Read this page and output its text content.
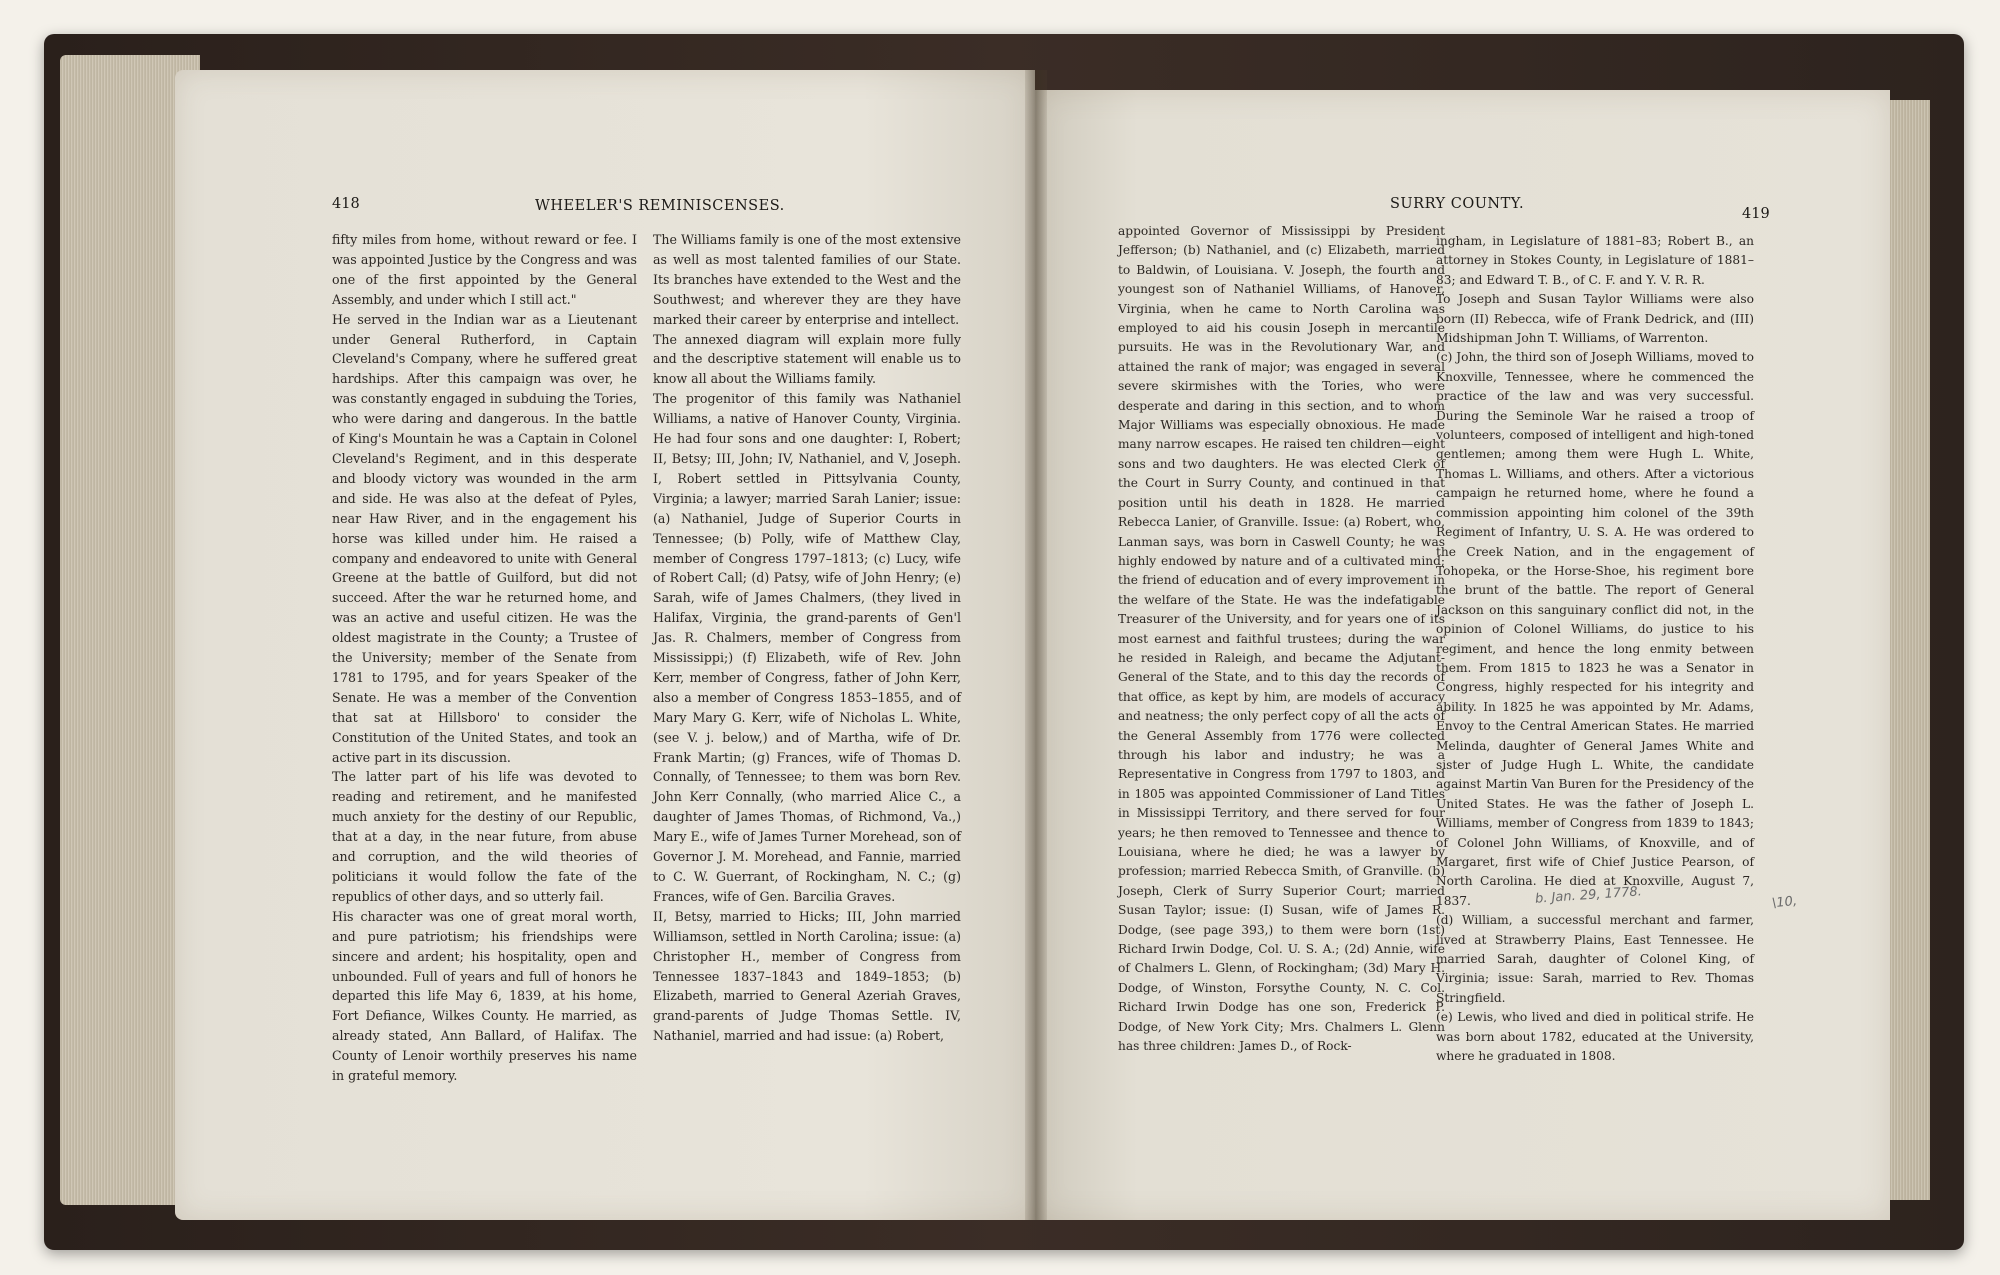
418	WHEELER'S REMINISCENSES.
fifty miles from home, without reward or fee. I was appointed Justice by the Congress and was one of the first appointed by the General Assembly, and under which I still act."
He served in the Indian war as a Lieutenant under General Rutherford, in Captain Cleveland's Company, where he suffered great hardships. After this campaign was over, he was constantly engaged in subduing the Tories, who were daring and dangerous. In the battle of King's Mountain he was a Captain in Colonel Cleveland's Regiment, and in this desperate and bloody victory was wounded in the arm and side. He was also at the defeat of Pyles, near Haw River, and in the engagement his horse was killed under him. He raised a company and endeavored to unite with General Greene at the battle of Guilford, but did not succeed. After the war he returned home, and was an active and useful citizen. He was the oldest magistrate in the County; a Trustee of the University; member of the Senate from 1781 to 1795, and for years Speaker of the Senate. He was a member of the Convention that sat at Hillsboro' to consider the Constitution of the United States, and took an active part in its discussion.
The latter part of his life was devoted to reading and retirement, and he manifested much anxiety for the destiny of our Republic, that at a day, in the near future, from abuse and corruption, and the wild theories of politicians it would follow the fate of the republics of other days, and so utterly fail.
His character was one of great moral worth, and pure patriotism; his friendships were sincere and ardent; his hospitality, open and unbounded. Full of years and full of honors he departed this life May 6, 1839, at his home, Fort Defiance, Wilkes County. He married, as already stated, Ann Ballard, of Halifax. The County of Lenoir worthily preserves his name in grateful memory.
The Williams family is one of the most extensive as well as most talented families of our State. Its branches have extended to the West and the Southwest; and wherever they are they have marked their career by enterprise and intellect.
The annexed diagram will explain more fully and the descriptive statement will enable us to know all about the Williams family.
The progenitor of this family was Nathaniel Williams, a native of Hanover County, Virginia. He had four sons and one daughter: I, Robert; II, Betsy; III, John; IV, Nathaniel, and V, Joseph. I, Robert settled in Pittsylvania County, Virginia; a lawyer; married Sarah Lanier; issue: (a) Nathaniel, Judge of Superior Courts in Tennessee; (b) Polly, wife of Matthew Clay, member of Congress 1797–1813; (c) Lucy, wife of Robert Call; (d) Patsy, wife of John Henry; (e) Sarah, wife of James Chalmers, (they lived in Halifax, Virginia, the grand-parents of Gen'l Jas. R. Chalmers, member of Congress from Mississippi;) (f) Elizabeth, wife of Rev. John Kerr, member of Congress, father of John Kerr, also a member of Congress 1853–1855, and of Mary Mary G. Kerr, wife of Nicholas L. White, (see V. j. below,) and of Martha, wife of Dr. Frank Martin; (g) Frances, wife of Thomas D. Connally, of Tennessee; to them was born Rev. John Kerr Connally, (who married Alice C., a daughter of James Thomas, of Richmond, Va.,) Mary E., wife of James Turner Morehead, son of Governor J. M. Morehead, and Fannie, married to C. W. Guerrant, of Rockingham, N. C.; (g) Frances, wife of Gen. Barcilia Graves.
II, Betsy, married to Hicks; III, John married Williamson, settled in North Carolina; issue: (a) Christopher H., member of Congress from Tennessee 1837–1843 and 1849–1853; (b) Elizabeth, married to General Azeriah Graves, grand-parents of Judge Thomas Settle. IV, Nathaniel, married and had issue: (a) Robert,
SURRY COUNTY.
419
appointed Governor of Mississippi by President Jefferson; (b) Nathaniel, and (c) Elizabeth, married to Baldwin, of Louisiana. V. Joseph, the fourth and youngest son of Nathaniel Williams, of Hanover, Virginia, when he came to North Carolina was employed to aid his cousin Joseph in mercantile pursuits. He was in the Revolutionary War, and attained the rank of major; was engaged in several severe skirmishes with the Tories, who were desperate and daring in this section, and to whom Major Williams was especially obnoxious. He made many narrow escapes. He raised ten children—eight sons and two daughters. He was elected Clerk of the Court in Surry County, and continued in that position until his death in 1828. He married Rebecca Lanier, of Granville. Issue: (a) Robert, who, Lanman says, was born in Caswell County; he was highly endowed by nature and of a cultivated mind; the friend of education and of every improvement in the welfare of the State. He was the indefatigable Treasurer of the University, and for years one of its most earnest and faithful trustees; during the war he resided in Raleigh, and became the Adjutant-General of the State, and to this day the records of that office, as kept by him, are models of accuracy and neatness; the only perfect copy of all the acts of the General Assembly from 1776 were collected through his labor and industry; he was a Representative in Congress from 1797 to 1803, and in 1805 was appointed Commissioner of Land Titles in Mississippi Territory, and there served for four years; he then removed to Tennessee and thence to Louisiana, where he died; he was a lawyer by profession; married Rebecca Smith, of Granville. (b) Joseph, Clerk of Surry Superior Court; married Susan Taylor; issue: (I) Susan, wife of James R. Dodge, (see page 393,) to them were born (1st) Richard Irwin Dodge, Col. U. S. A.; (2d) Annie, wife of Chalmers L. Glenn, of Rockingham; (3d) Mary H. Dodge, of Winston, Forsythe County, N. C. Col. Richard Irwin Dodge has one son, Frederick P. Dodge, of New York City; Mrs. Chalmers L. Glenn has three children: James D., of Rock-
ingham, in Legislature of 1881–83; Robert B., an attorney in Stokes County, in Legislature of 1881–83; and Edward T. B., of C. F. and Y. V. R. R.
To Joseph and Susan Taylor Williams were also born (II) Rebecca, wife of Frank Dedrick, and (III) Midshipman John T. Williams, of Warrenton.
(c) John, the third son of Joseph Williams, moved to Knoxville, Tennessee, where he commenced the practice of the law and was very successful. During the Seminole War he raised a troop of volunteers, composed of intelligent and high-toned gentlemen; among them were Hugh L. White, Thomas L. Williams, and others. After a victorious campaign he returned home, where he found a commission appointing him colonel of the 39th Regiment of Infantry, U. S. A. He was ordered to the Creek Nation, and in the engagement of Tohopeka, or the Horse-Shoe, his regiment bore the brunt of the battle. The report of General Jackson on this sanguinary conflict did not, in the opinion of Colonel Williams, do justice to his regiment, and hence the long enmity between them. From 1815 to 1823 he was a Senator in Congress, highly respected for his integrity and ability. In 1825 he was appointed by Mr. Adams, Envoy to the Central American States. He married Melinda, daughter of General James White and sister of Judge Hugh L. White, the candidate against Martin Van Buren for the Presidency of the United States. He was the father of Joseph L. Williams, member of Congress from 1839 to 1843; of Colonel John Williams, of Knoxville, and of Margaret, first wife of Chief Justice Pearson, of North Carolina. He died at Knoxville, August 7, 1837.
(d) William, a successful merchant and farmer, lived at Strawberry Plains, East Tennessee. He married Sarah, daughter of Colonel King, of Virginia; issue: Sarah, married to Rev. Thomas Stringfield.
(e) Lewis, who lived and died in political strife. He was born about 1782, educated at the University, where he graduated in 1808.
b. Jan. 29, 1778.	\10,
